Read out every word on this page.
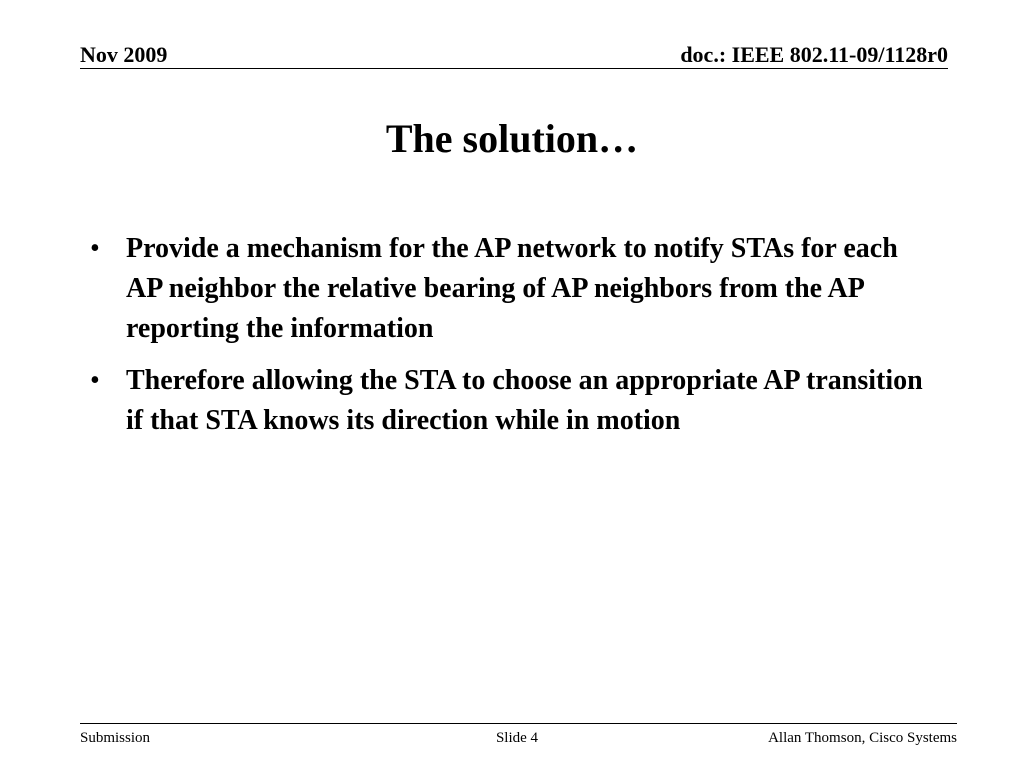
Nov 2009	doc.: IEEE 802.11-09/1128r0
The solution…
• Provide a mechanism for the AP network to notify STAs for each AP neighbor the relative bearing of AP neighbors from the AP reporting the information
• Therefore allowing the STA to choose an appropriate AP transition if that STA knows its direction while in motion
Submission	Slide 4	Allan Thomson, Cisco Systems
